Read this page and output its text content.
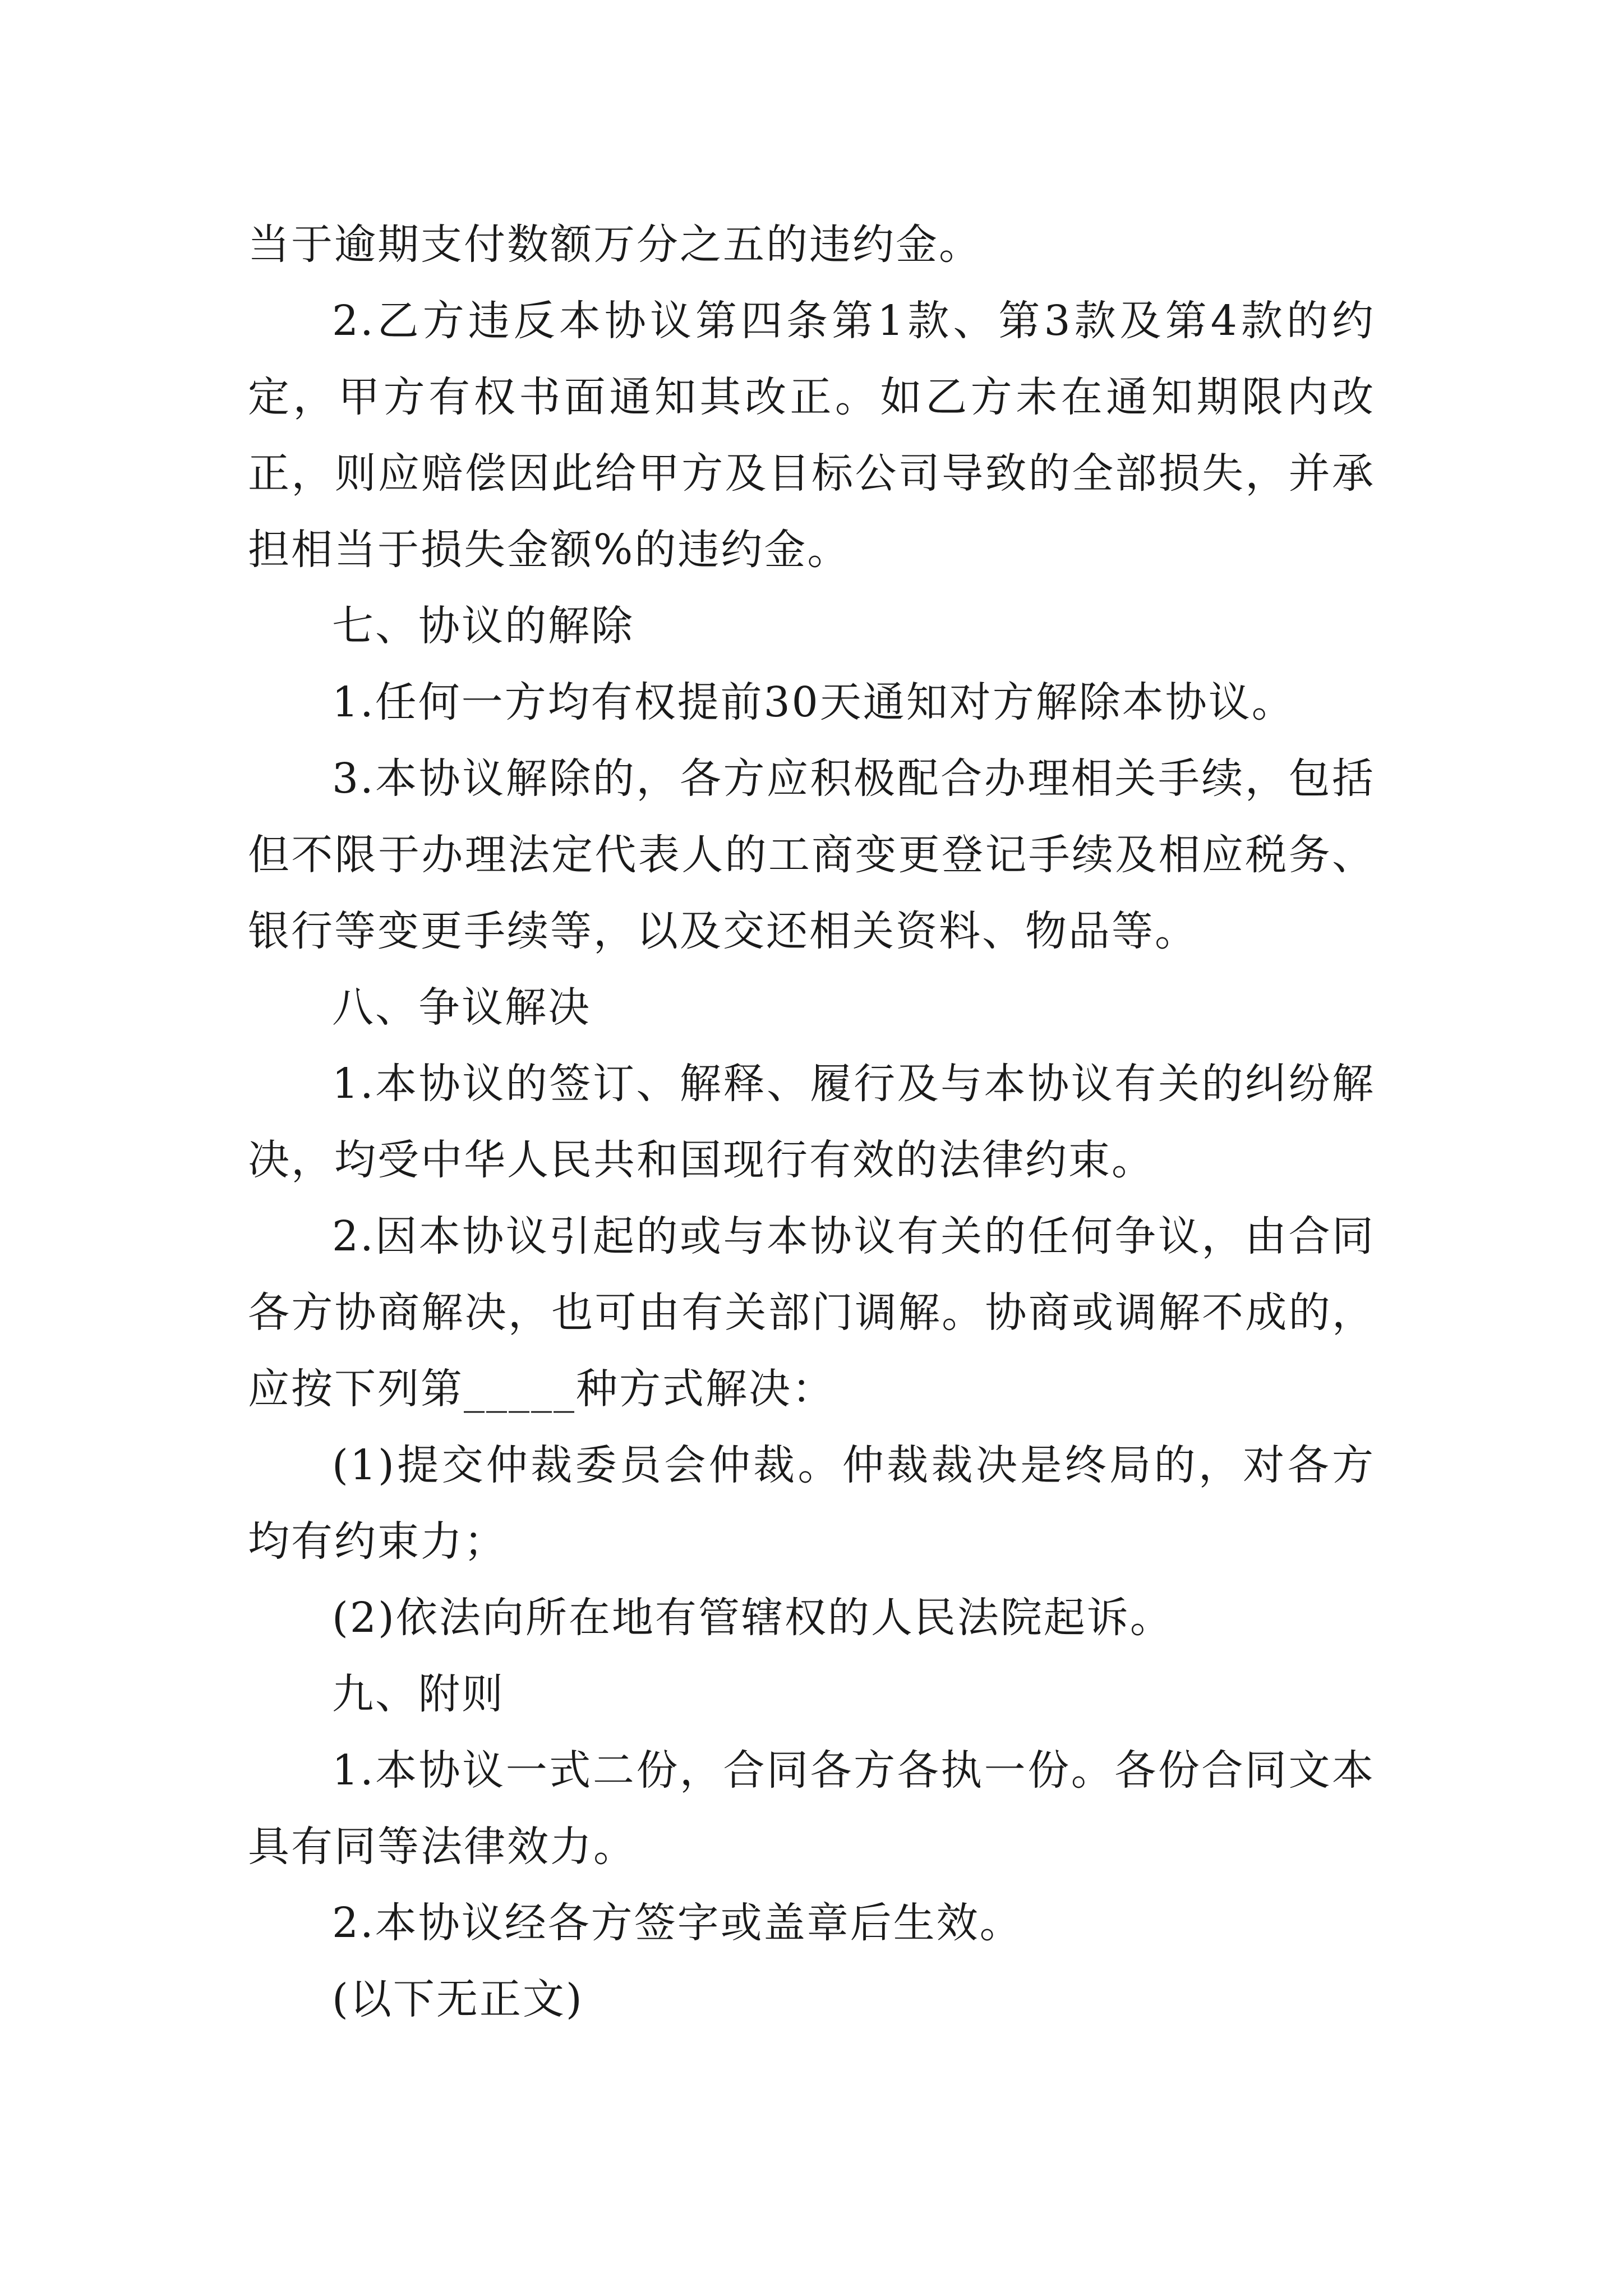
当于逾期支付数额万分之五的违约金。

2.乙方违反本协议第四条第1款、第3款及第4款的约定，甲方有权书面通知其改正。如乙方未在通知期限内改正，则应赔偿因此给甲方及目标公司导致的全部损失，并承担相当于损失金额%的违约金。

七、协议的解除

1.任何一方均有权提前30天通知对方解除本协议。

3.本协议解除的，各方应积极配合办理相关手续，包括但不限于办理法定代表人的工商变更登记手续及相应税务、银行等变更手续等，以及交还相关资料、物品等。

八、争议解决

1.本协议的签订、解释、履行及与本协议有关的纠纷解决，均受中华人民共和国现行有效的法律约束。

2.因本协议引起的或与本协议有关的任何争议，由合同各方协商解决，也可由有关部门调解。协商或调解不成的，应按下列第_____种方式解决：

(1)提交仲裁委员会仲裁。仲裁裁决是终局的，对各方均有约束力；

(2)依法向所在地有管辖权的人民法院起诉。

九、附则

1.本协议一式二份，合同各方各执一份。各份合同文本具有同等法律效力。

2.本协议经各方签字或盖章后生效。

(以下无正文)
